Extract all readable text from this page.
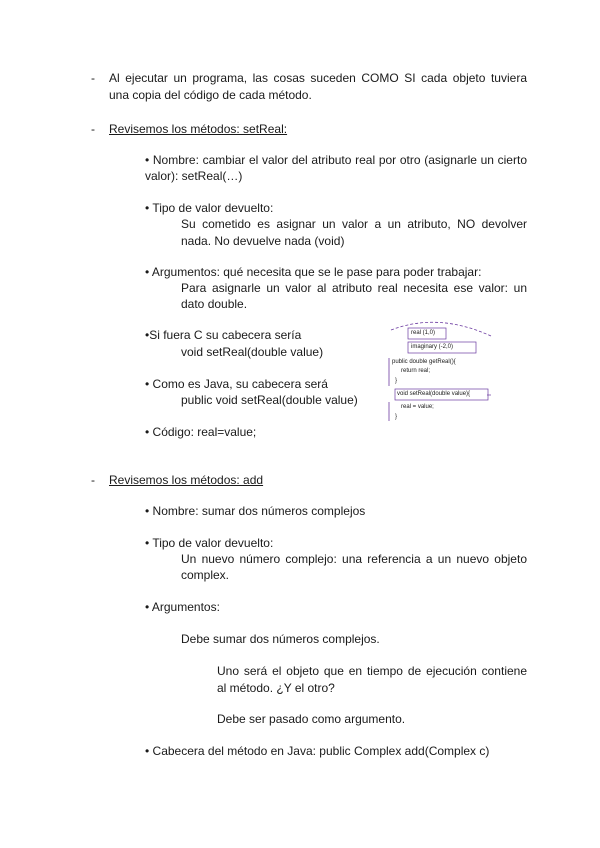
- Al ejecutar un programa, las cosas suceden COMO SI cada objeto tuviera
una copia del código de cada método.
- Revisemos los métodos: setReal:
• Nombre: cambiar el valor del atributo real por otro (asignarle un cierto
valor): setReal(…)
• Tipo de valor devuelto:
Su cometido es asignar un valor a un atributo, NO devolver
nada. No devuelve nada (void)
• Argumentos: qué necesita que se le pase para poder trabajar:
Para asignarle un valor al atributo real necesita ese valor: un
dato double.
•Si fuera C su cabecera sería
void setReal(double value)
• Como es Java, su cabecera será
public void setReal(double value)
• Código: real=value;
real (1,0)
imaginary (-2,0)
public double getReal(){
return real;
}
void setReal(double value){
real = value;
}
- Revisemos los métodos: add
• Nombre: sumar dos números complejos
• Tipo de valor devuelto:
Un nuevo número complejo: una referencia a un nuevo objeto
complex.
• Argumentos:
Debe sumar dos números complejos.
Uno será el objeto que en tiempo de ejecución contiene
al método. ¿Y el otro?
Debe ser pasado como argumento.
• Cabecera del método en Java: public Complex add(Complex c)
